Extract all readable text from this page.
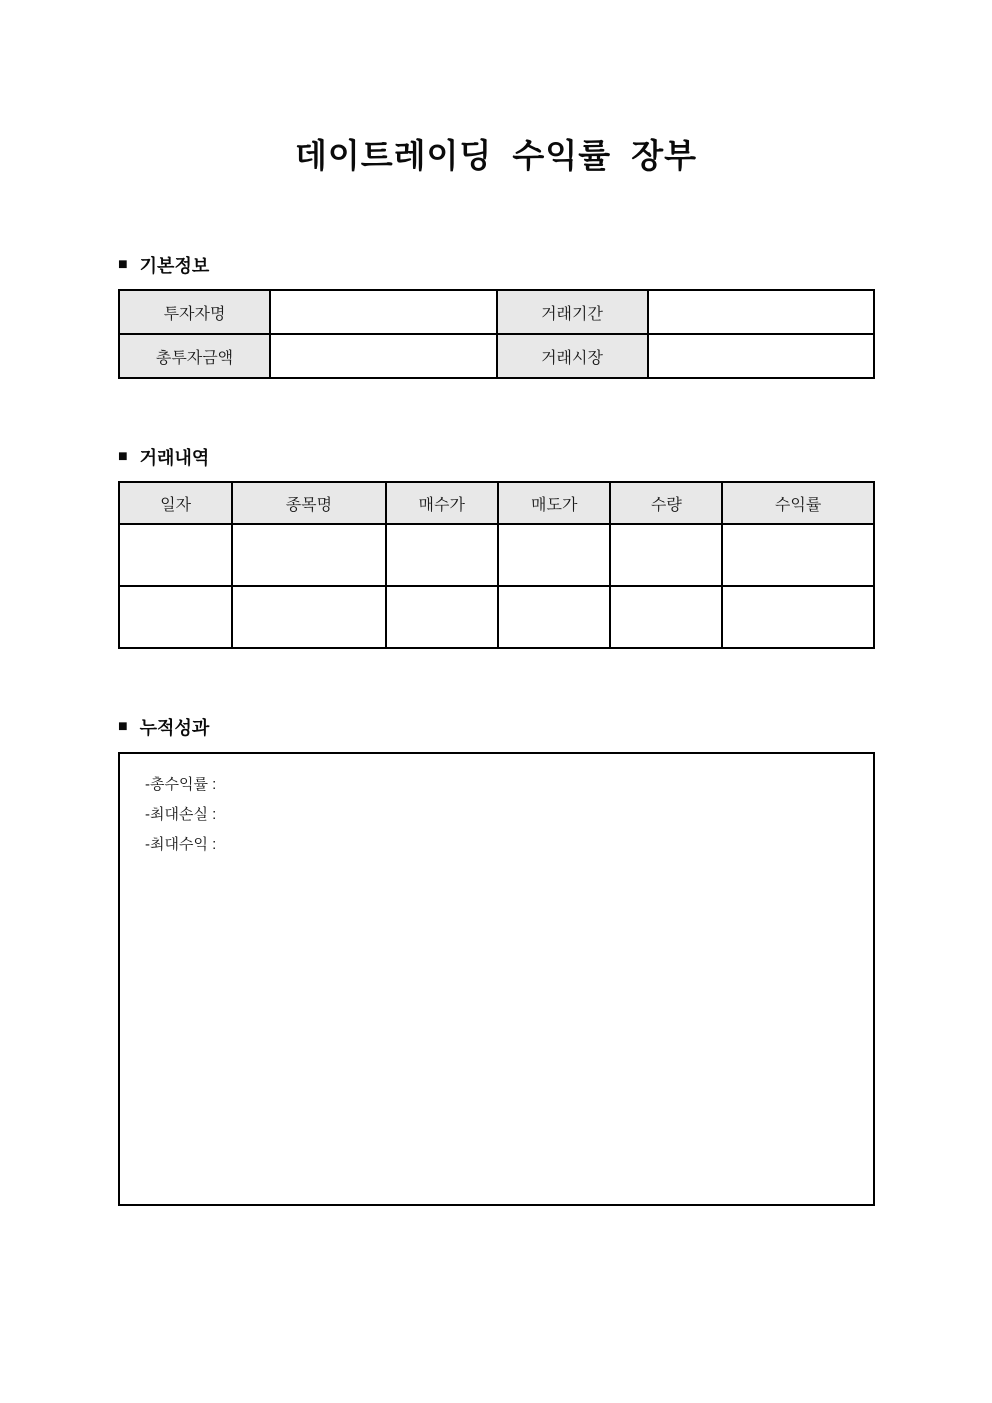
데이트레이딩 수익률 장부
■ 기본정보
투자자명		거래기간	
총투자금액		거래시장	
■ 거래내역
일자	종목명	매수가	매도가	수량	수익률

■ 누적성과
-총수익률 :
-최대손실 :
-최대수익 :
